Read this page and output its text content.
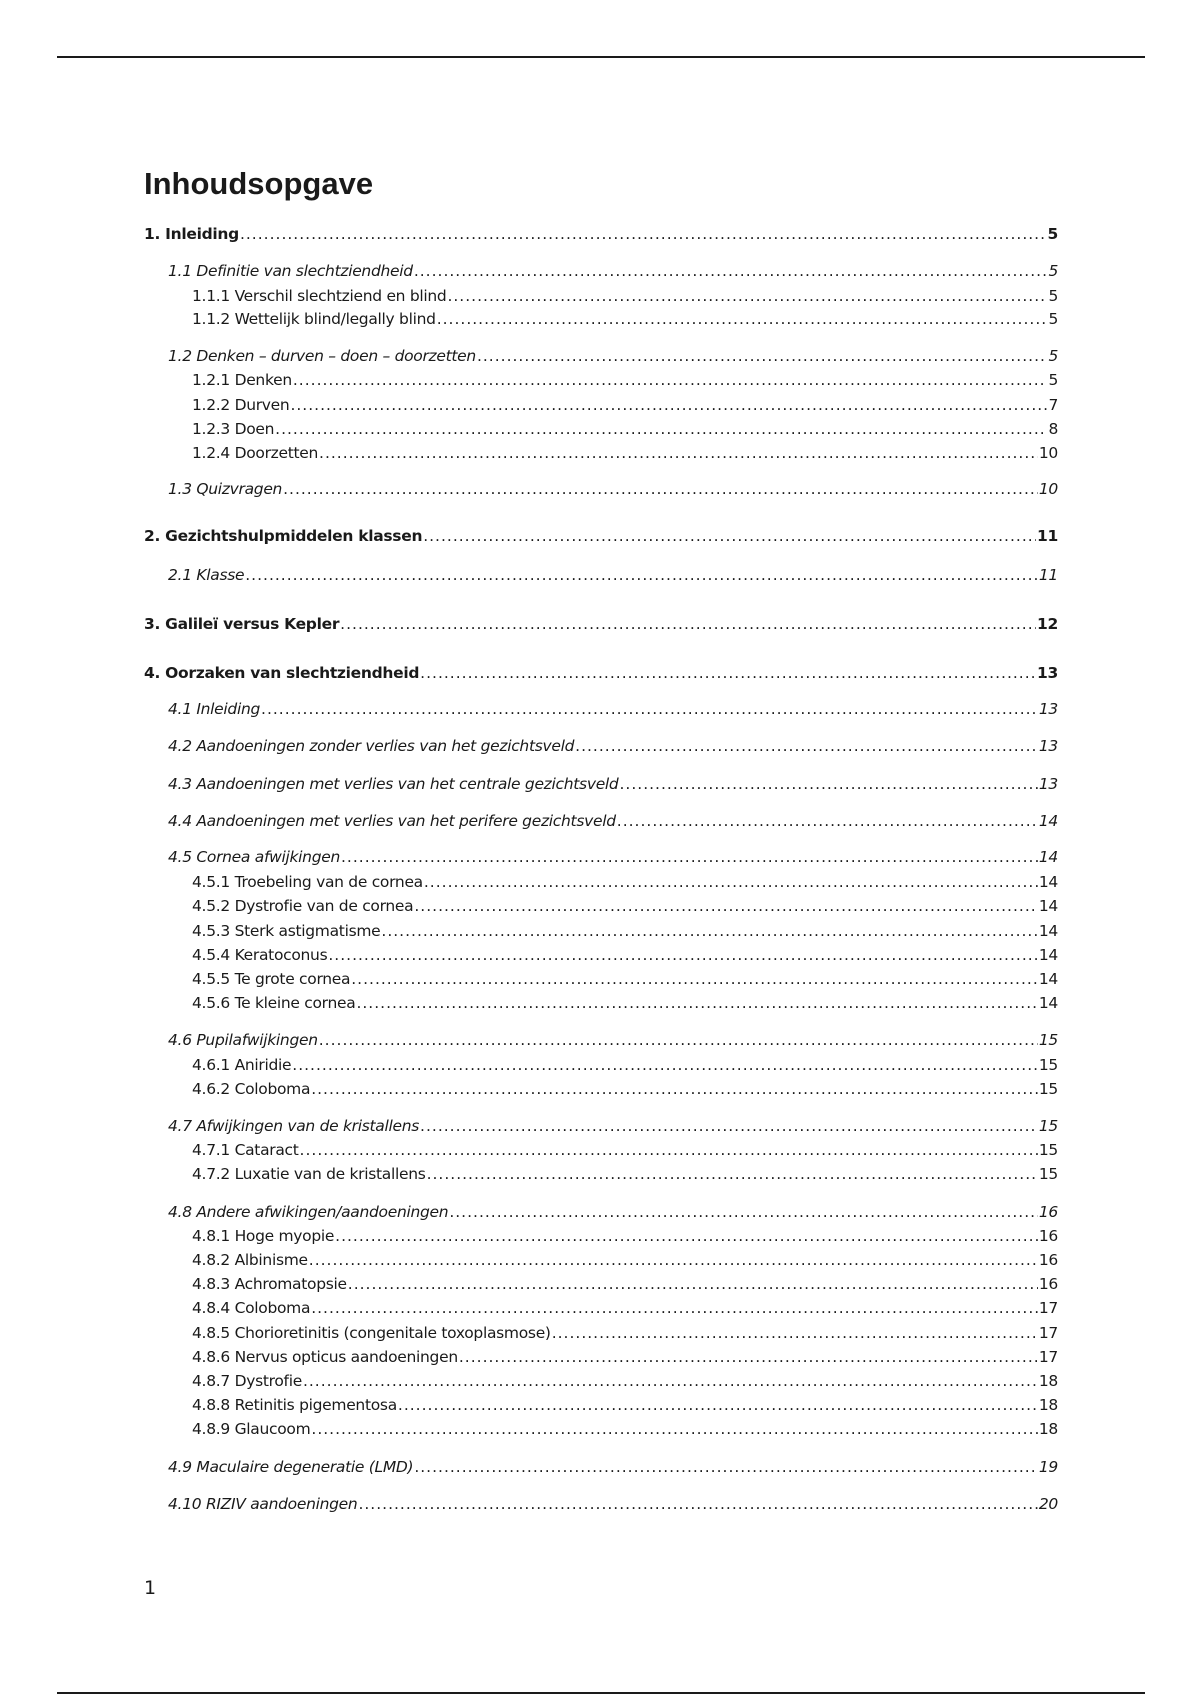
Inhoudsopgave
1. Inleiding .....	5
1.1 Definitie van slechtziendheid .....	5
1.1.1 Verschil slechtziend en blind .....	5
1.1.2 Wettelijk blind/legally blind .....	5
1.2 Denken – durven – doen – doorzetten .....	5
1.2.1 Denken .....	5
1.2.2 Durven .....	7
1.2.3 Doen .....	8
1.2.4 Doorzetten .....	10
1.3 Quizvragen .....	10
2. Gezichtshulpmiddelen klassen .....	11
2.1 Klasse .....	11
3. Galileï versus Kepler .....	12
4. Oorzaken van slechtziendheid .....	13
4.1 Inleiding .....	13
4.2 Aandoeningen zonder verlies van het gezichtsveld .....	13
4.3 Aandoeningen met verlies van het centrale gezichtsveld .....	13
4.4 Aandoeningen met verlies van het perifere gezichtsveld .....	14
4.5 Cornea afwijkingen .....	14
4.5.1 Troebeling van de cornea .....	14
4.5.2 Dystrofie van de cornea .....	14
4.5.3 Sterk astigmatisme .....	14
4.5.4 Keratoconus .....	14
4.5.5 Te grote cornea .....	14
4.5.6 Te kleine cornea .....	14
4.6 Pupilafwijkingen .....	15
4.6.1 Aniridie .....	15
4.6.2 Coloboma .....	15
4.7 Afwijkingen van de kristallens .....	15
4.7.1 Cataract .....	15
4.7.2 Luxatie van de kristallens .....	15
4.8 Andere afwikingen/aandoeningen .....	16
4.8.1 Hoge myopie .....	16
4.8.2 Albinisme .....	16
4.8.3 Achromatopsie .....	16
4.8.4 Coloboma .....	17
4.8.5 Chorioretinitis (congenitale toxoplasmose) .....	17
4.8.6 Nervus opticus aandoeningen .....	17
4.8.7 Dystrofie .....	18
4.8.8 Retinitis pigementosa .....	18
4.8.9 Glaucoom .....	18
4.9 Maculaire degeneratie (LMD) .....	19
4.10 RIZIV aandoeningen .....	20
1
